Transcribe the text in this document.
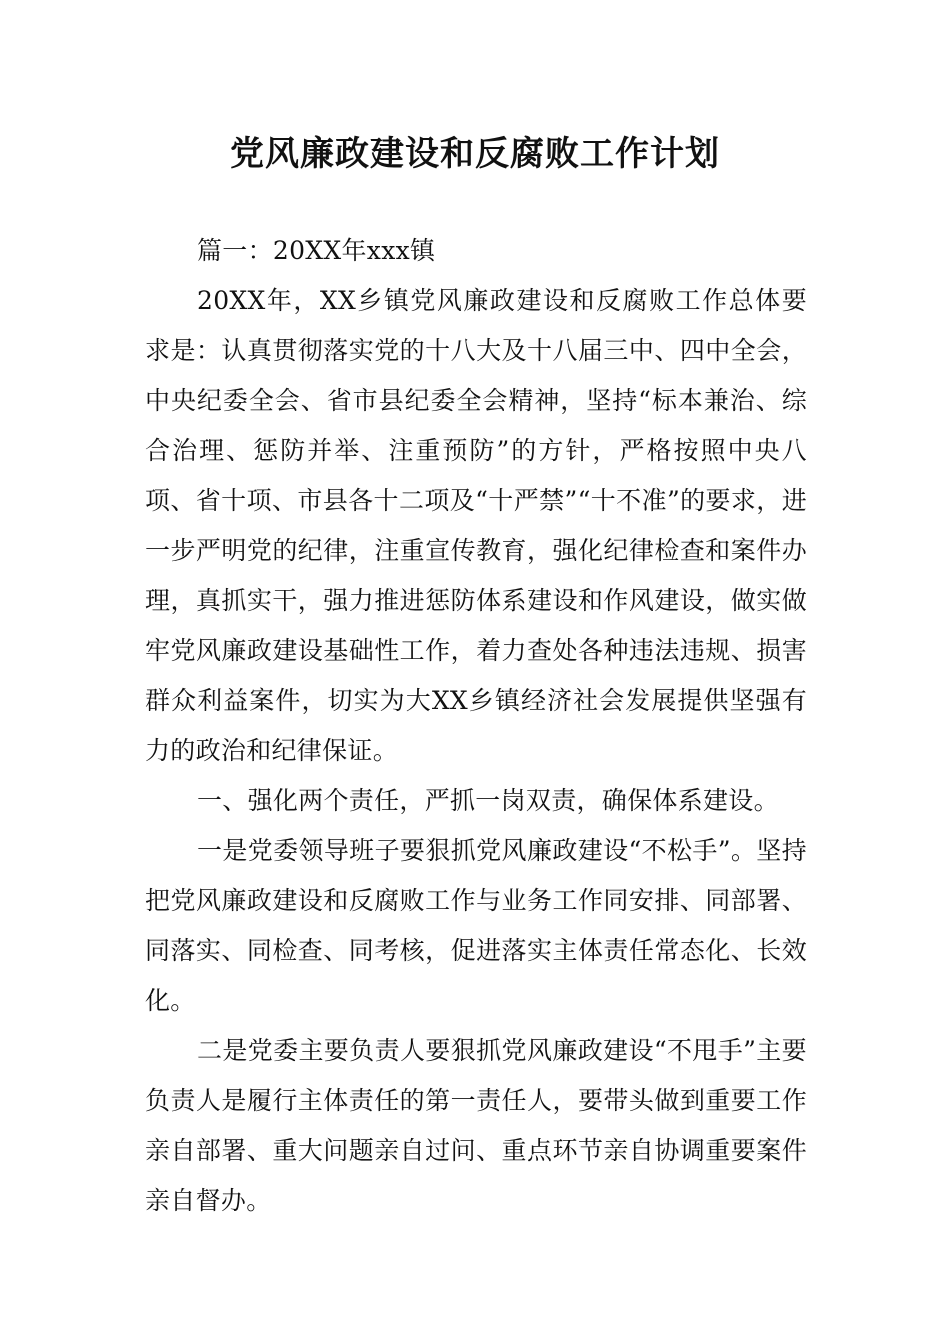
党风廉政建设和反腐败工作计划

篇一：20XX年xxx镇

20XX年，XX乡镇党风廉政建设和反腐败工作总体要求是：认真贯彻落实党的十八大及十八届三中、四中全会，中央纪委全会、省市县纪委全会精神，坚持“标本兼治、综合治理、惩防并举、注重预防”的方针，严格按照中央八项、省十项、市县各十二项及“十严禁”“十不准”的要求，进一步严明党的纪律，注重宣传教育，强化纪律检查和案件办理，真抓实干，强力推进惩防体系建设和作风建设，做实做牢党风廉政建设基础性工作，着力查处各种违法违规、损害群众利益案件，切实为大XX乡镇经济社会发展提供坚强有力的政治和纪律保证。

一、强化两个责任，严抓一岗双责，确保体系建设。

一是党委领导班子要狠抓党风廉政建设“不松手”。坚持把党风廉政建设和反腐败工作与业务工作同安排、同部署、同落实、同检查、同考核，促进落实主体责任常态化、长效化。

二是党委主要负责人要狠抓党风廉政建设“不甩手”主要负责人是履行主体责任的第一责任人，要带头做到重要工作亲自部署、重大问题亲自过问、重点环节亲自协调重要案件亲自督办。
